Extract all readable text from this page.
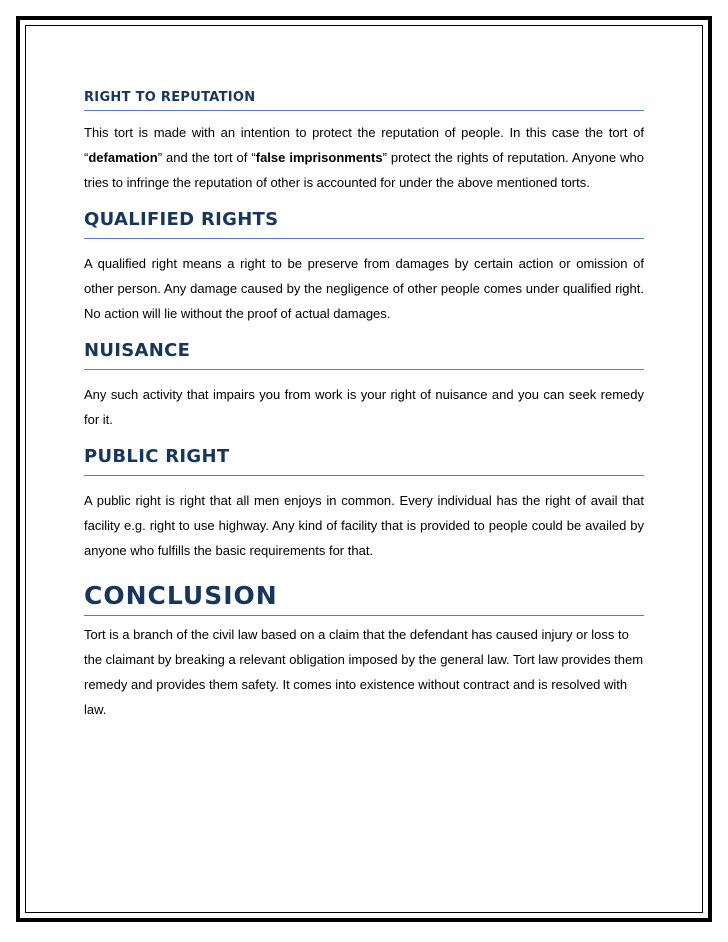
RIGHT TO REPUTATION

This tort is made with an intention to protect the reputation of people. In this case the tort of “defamation” and the tort of “false imprisonments” protect the rights of reputation. Anyone who tries to infringe the reputation of other is accounted for under the above mentioned torts.

QUALIFIED RIGHTS

A qualified right means a right to be preserve from damages by certain action or omission of other person. Any damage caused by the negligence of other people comes under qualified right. No action will lie without the proof of actual damages.

NUISANCE

Any such activity that impairs you from work is your right of nuisance and you can seek remedy for it.

PUBLIC RIGHT

A public right is right that all men enjoys in common. Every individual has the right of avail that facility e.g. right to use highway. Any kind of facility that is provided to people could be availed by anyone who fulfills the basic requirements for that.

CONCLUSION

Tort is a branch of the civil law based on a claim that the defendant has caused injury or loss to the claimant by breaking a relevant obligation imposed by the general law. Tort law provides them remedy and provides them safety. It comes into existence without contract and is resolved with law.
